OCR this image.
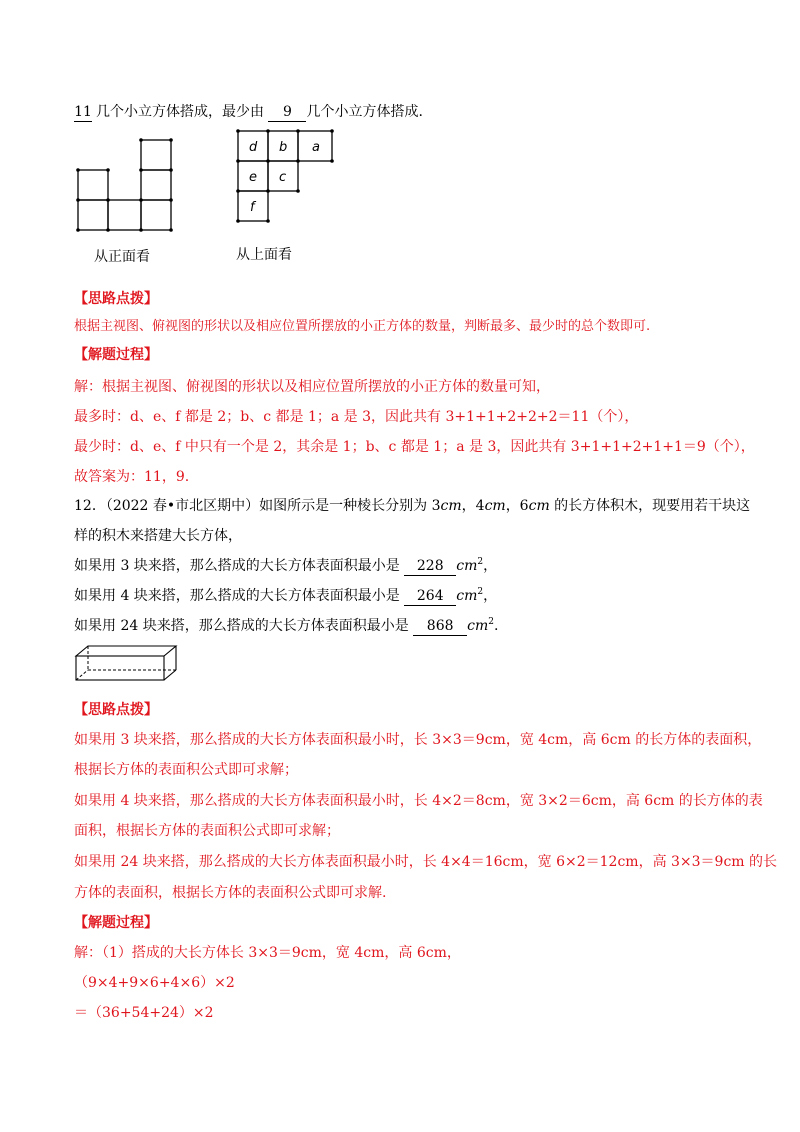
11 几个小立方体搭成，最少由 9 几个小立方体搭成.
从正面看
d b a
e c
f
从上面看
【思路点拨】
根据主视图、俯视图的形状以及相应位置所摆放的小正方体的数量，判断最多、最少时的总个数即可.
【解题过程】
解：根据主视图、俯视图的形状以及相应位置所摆放的小正方体的数量可知，
最多时：d、e、f 都是 2；b、c 都是 1；a 是 3，因此共有 3+1+1+2+2+2＝11（个），
最少时：d、e、f 中只有一个是 2，其余是 1；b、c 都是 1；a 是 3，因此共有 3+1+1+2+1+1＝9（个），
故答案为：11，9.
12．（2022 春•市北区期中）如图所示是一种棱长分别为 3cm，4cm，6cm 的长方体积木，现要用若干块这
样的积木来搭建大长方体，
如果用 3 块来搭，那么搭成的大长方体表面积最小是 228 $cm^2$，
如果用 4 块来搭，那么搭成的大长方体表面积最小是 264 $cm^2$，
如果用 24 块来搭，那么搭成的大长方体表面积最小是 868 $cm^2$.
【思路点拨】
如果用 3 块来搭，那么搭成的大长方体表面积最小时，长 3×3＝9cm，宽 4cm，高 6cm 的长方体的表面积，
根据长方体的表面积公式即可求解；
如果用 4 块来搭，那么搭成的大长方体表面积最小时，长 4×2＝8cm，宽 3×2＝6cm，高 6cm 的长方体的表
面积，根据长方体的表面积公式即可求解；
如果用 24 块来搭，那么搭成的大长方体表面积最小时，长 4×4＝16cm，宽 6×2＝12cm，高 3×3＝9cm 的长
方体的表面积，根据长方体的表面积公式即可求解.
【解题过程】
解：（1）搭成的大长方体长 3×3＝9cm，宽 4cm，高 6cm，
（9×4+9×6+4×6）×2
＝（36+54+24）×2
